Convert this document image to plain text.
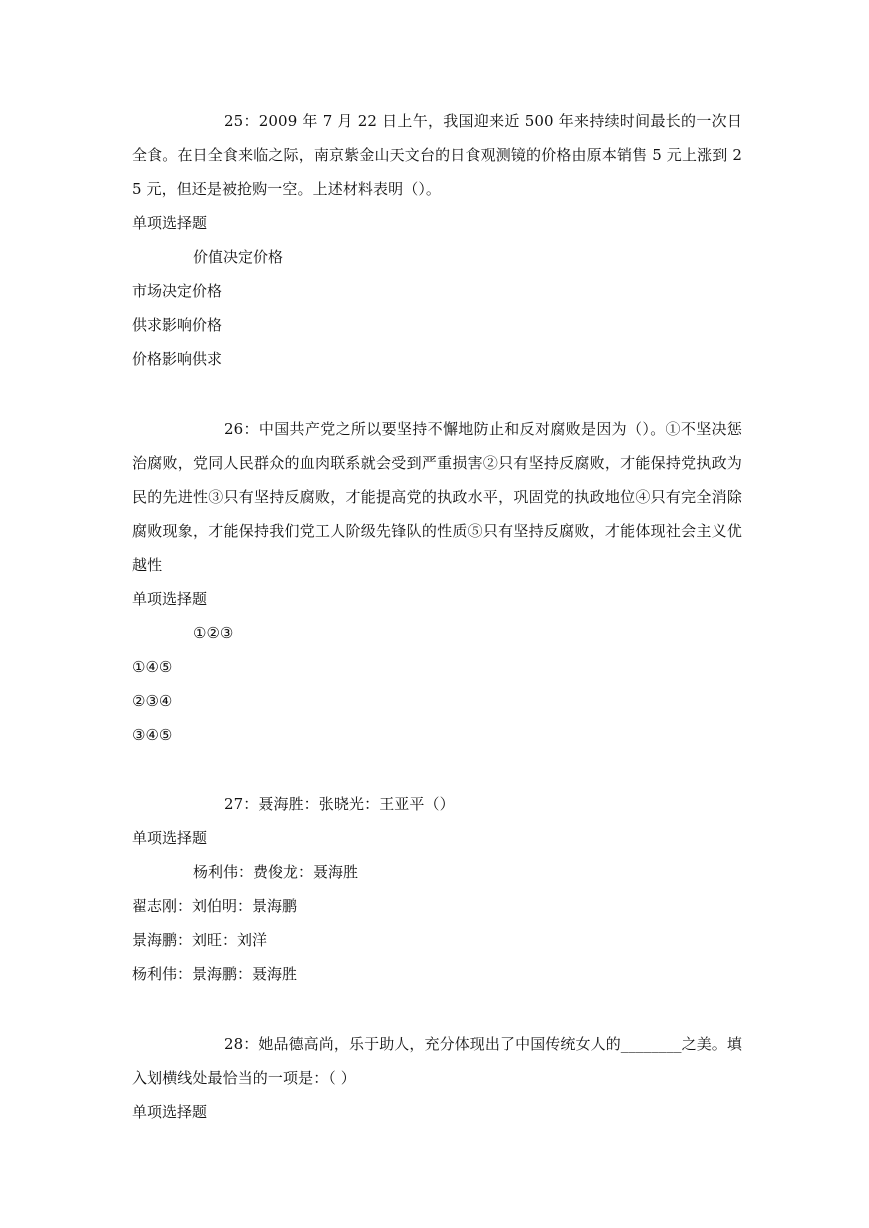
25：2009 年 7 月 22 日上午，我国迎来近 500 年来持续时间最长的一次日全食。在日全食来临之际，南京紫金山天文台的日食观测镜的价格由原本销售 5 元上涨到 25 元，但还是被抢购一空。上述材料表明（）。

单项选择题

价值决定价格

市场决定价格

供求影响价格

价格影响供求

26：中国共产党之所以要坚持不懈地防止和反对腐败是因为（）。①不坚决惩治腐败，党同人民群众的血肉联系就会受到严重损害②只有坚持反腐败，才能保持党执政为民的先进性③只有坚持反腐败，才能提高党的执政水平，巩固党的执政地位④只有完全消除腐败现象，才能保持我们党工人阶级先锋队的性质⑤只有坚持反腐败，才能体现社会主义优越性

单项选择题

①②③

①④⑤

②③④

③④⑤

27：聂海胜：张晓光：王亚平（）

单项选择题

杨利伟：费俊龙：聂海胜

翟志刚：刘伯明：景海鹏

景海鹏：刘旺：刘洋

杨利伟：景海鹏：聂海胜

28：她品德高尚，乐于助人，充分体现出了中国传统女人的________之美。填入划横线处最恰当的一项是：（ ）

单项选择题
